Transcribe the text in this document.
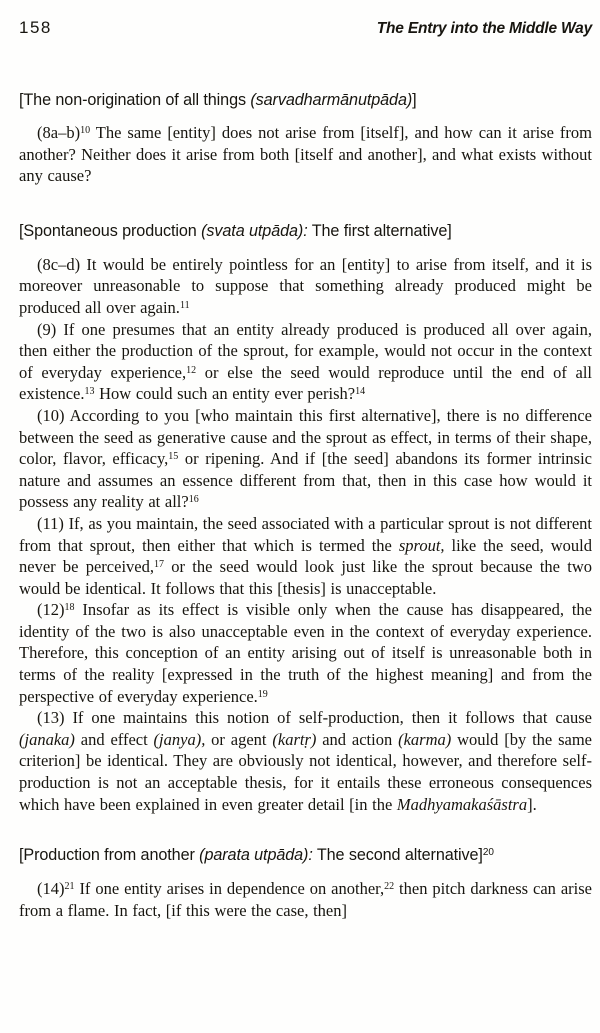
158	The Entry into the Middle Way
[The non-origination of all things (sarvadharmānutpāda)]

(8a–b)$^{10}$ The same [entity] does not arise from [itself], and how can it arise from another? Neither does it arise from both [itself and another], and what exists without any cause?

[Spontaneous production (svata utpāda): The first alternative]

(8c–d) It would be entirely pointless for an [entity] to arise from itself, and it is moreover unreasonable to suppose that something already produced might be produced all over again.$^{11}$

(9) If one presumes that an entity already produced is produced all over again, then either the production of the sprout, for example, would not occur in the context of everyday experience,$^{12}$ or else the seed would reproduce until the end of all existence.$^{13}$ How could such an entity ever perish?$^{14}$

(10) According to you [who maintain this first alternative], there is no difference between the seed as generative cause and the sprout as effect, in terms of their shape, color, flavor, efficacy,$^{15}$ or ripening. And if [the seed] abandons its former intrinsic nature and assumes an essence different from that, then in this case how would it possess any reality at all?$^{16}$

(11) If, as you maintain, the seed associated with a particular sprout is not different from that sprout, then either that which is termed the sprout, like the seed, would never be perceived,$^{17}$ or the seed would look just like the sprout because the two would be identical. It follows that this [thesis] is unacceptable.

(12)$^{18}$ Insofar as its effect is visible only when the cause has disappeared, the identity of the two is also unacceptable even in the context of everyday experience. Therefore, this conception of an entity arising out of itself is unreasonable both in terms of the reality [expressed in the truth of the highest meaning] and from the perspective of everyday experience.$^{19}$

(13) If one maintains this notion of self-production, then it follows that cause (janaka) and effect (janya), or agent (kartṛ) and action (karma) would [by the same criterion] be identical. They are obviously not identical, however, and therefore self-production is not an acceptable thesis, for it entails these erroneous consequences which have been explained in even greater detail [in the Madhyamakaśāstra].

[Production from another (parata utpāda): The second alternative]$^{20}$

(14)$^{21}$ If one entity arises in dependence on another,$^{22}$ then pitch darkness can arise from a flame. In fact, [if this were the case, then]
